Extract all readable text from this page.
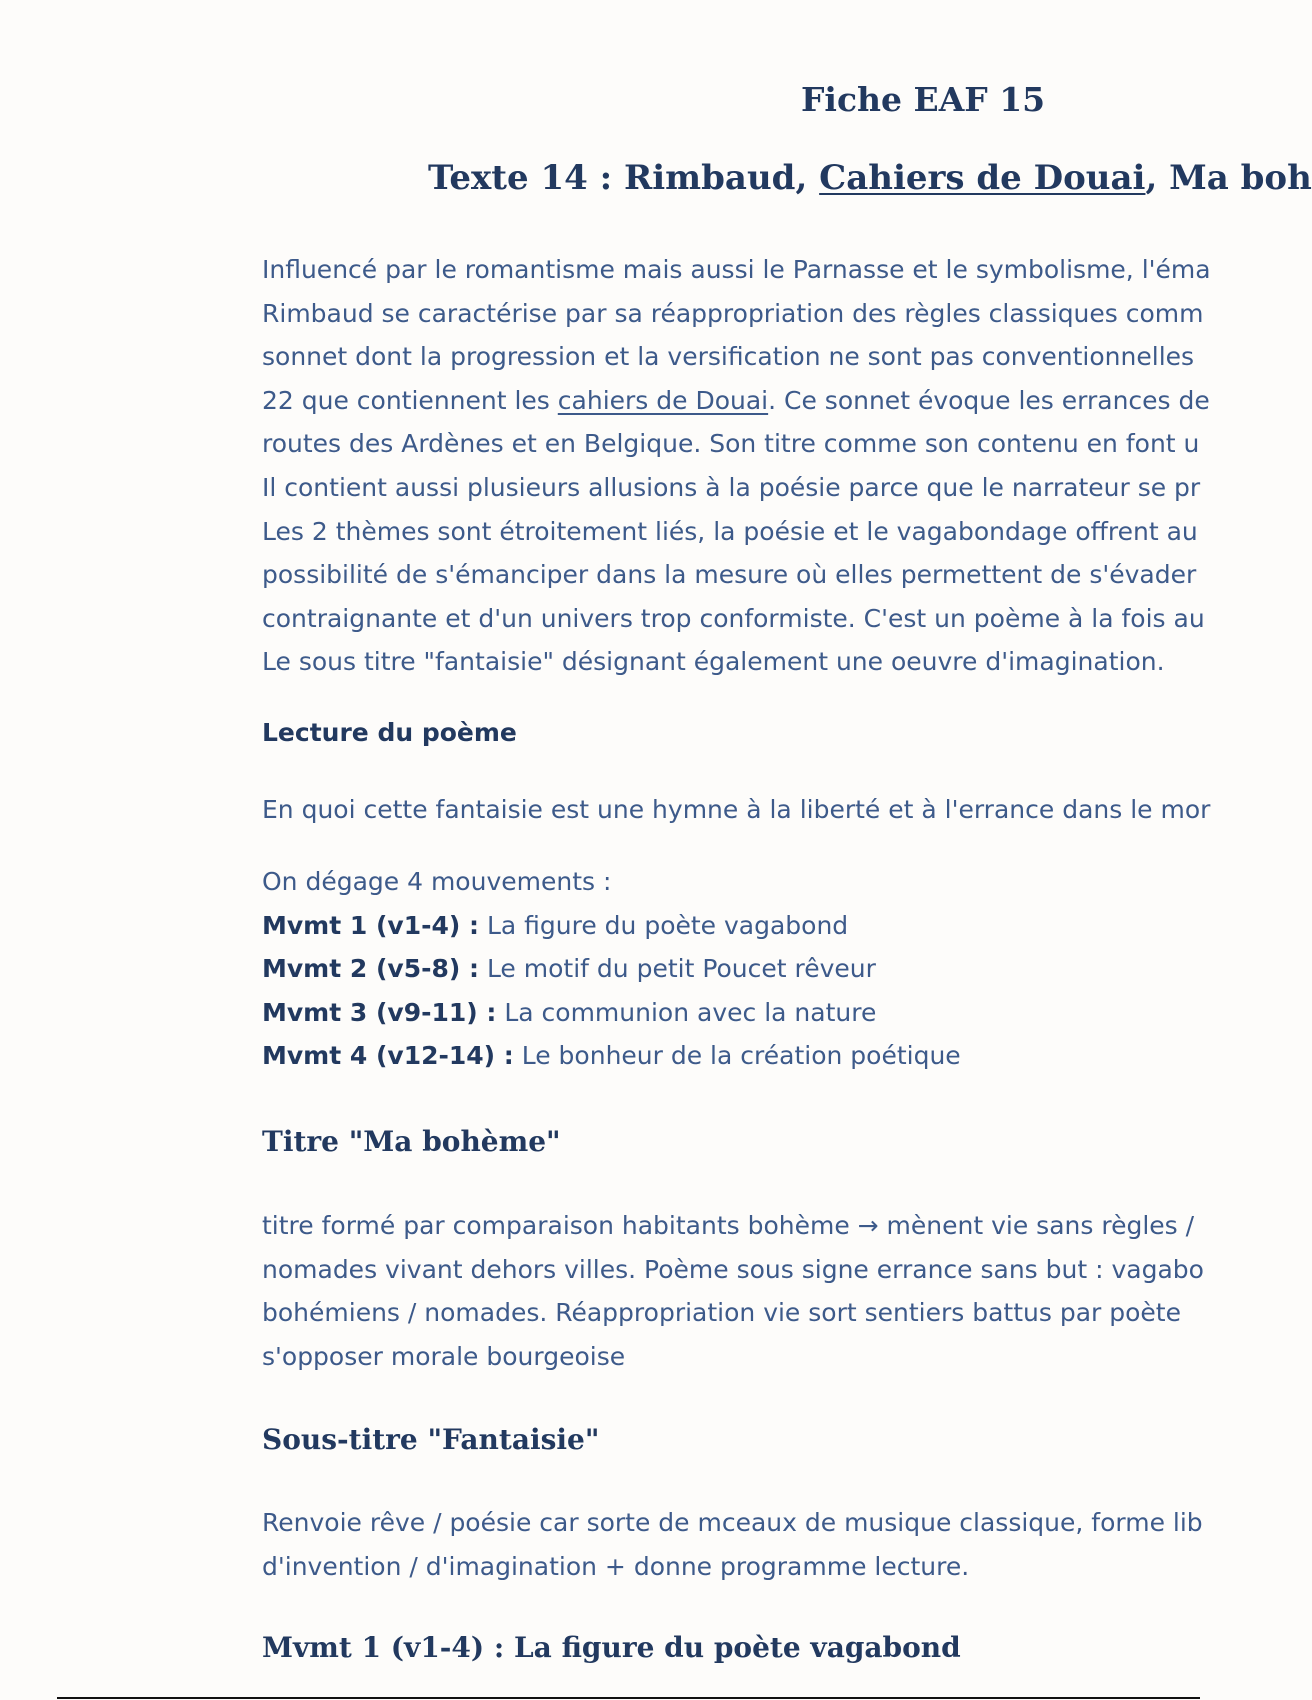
Fiche EAF 15
Texte 14 : Rimbaud, Cahiers de Douai, Ma boh
Influencé par le romantisme mais aussi le Parnasse et le symbolisme, l'éma
Rimbaud se caractérise par sa réappropriation des règles classiques comm
sonnet dont la progression et la versification ne sont pas conventionnelles
22 que contiennent les cahiers de Douai. Ce sonnet évoque les errances de
routes des Ardènes et en Belgique. Son titre comme son contenu en font u
Il contient aussi plusieurs allusions à la poésie parce que le narrateur se pr
Les 2 thèmes sont étroitement liés, la poésie et le vagabondage offrent au
possibilité de s'émanciper dans la mesure où elles permettent de s'évader
contraignante et d'un univers trop conformiste. C'est un poème à la fois au
Le sous titre "fantaisie" désignant également une oeuvre d'imagination.
Lecture du poème
En quoi cette fantaisie est une hymne à la liberté et à l'errance dans le mor
On dégage 4 mouvements :
Mvmt 1 (v1-4) : La figure du poète vagabond
Mvmt 2 (v5-8) : Le motif du petit Poucet rêveur
Mvmt 3 (v9-11) : La communion avec la nature
Mvmt 4 (v12-14) : Le bonheur de la création poétique
Titre "Ma bohème"
titre formé par comparaison habitants bohème → mènent vie sans règles /
nomades vivant dehors villes. Poème sous signe errance sans but : vagabo
bohémiens / nomades. Réappropriation vie sort sentiers battus par poète
s'opposer morale bourgeoise
Sous-titre "Fantaisie"
Renvoie rêve / poésie car sorte de mceaux de musique classique, forme lib
d'invention / d'imagination + donne programme lecture.
Mvmt 1 (v1-4) : La figure du poète vagabond
